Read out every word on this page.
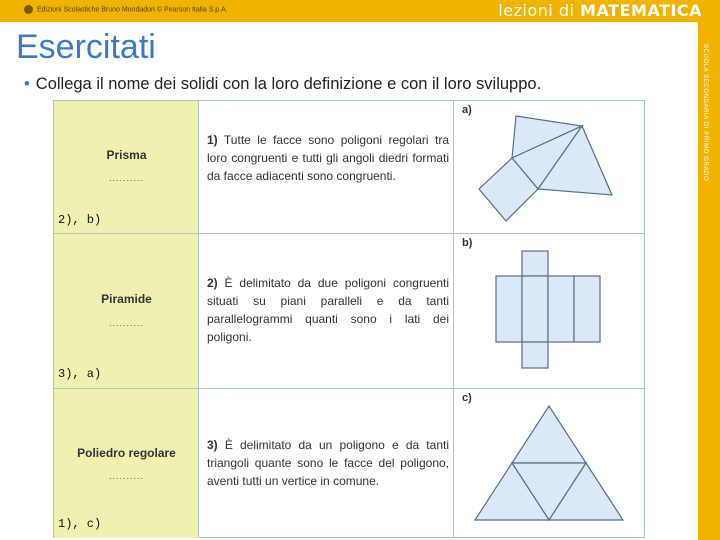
Edizioni Scolastiche Bruno Mondadori © Pearson Italia S.p.A.	lezioni di MATEMATICA
SCUOLA SECONDARIA DI PRIMO GRADO
Esercitati
• Collega il nome dei solidi con la loro definizione e con il loro sviluppo.
Prisma
..........
2), b)
1) Tutte le facce sono poligoni regolari tra loro congruenti e tutti gli angoli diedri formati da facce adiacenti sono congruenti.
a)
Piramide
..........
3), a)
2) È delimitato da due poligoni congruenti situati su piani paralleli e da tanti parallelogrammi quanti sono i lati dei poligoni.
b)
Poliedro regolare
..........
1), c)
3) È delimitato da un poligono e da tanti triangoli quante sono le facce del poligono, aventi tutti un vertice in comune.
c)
